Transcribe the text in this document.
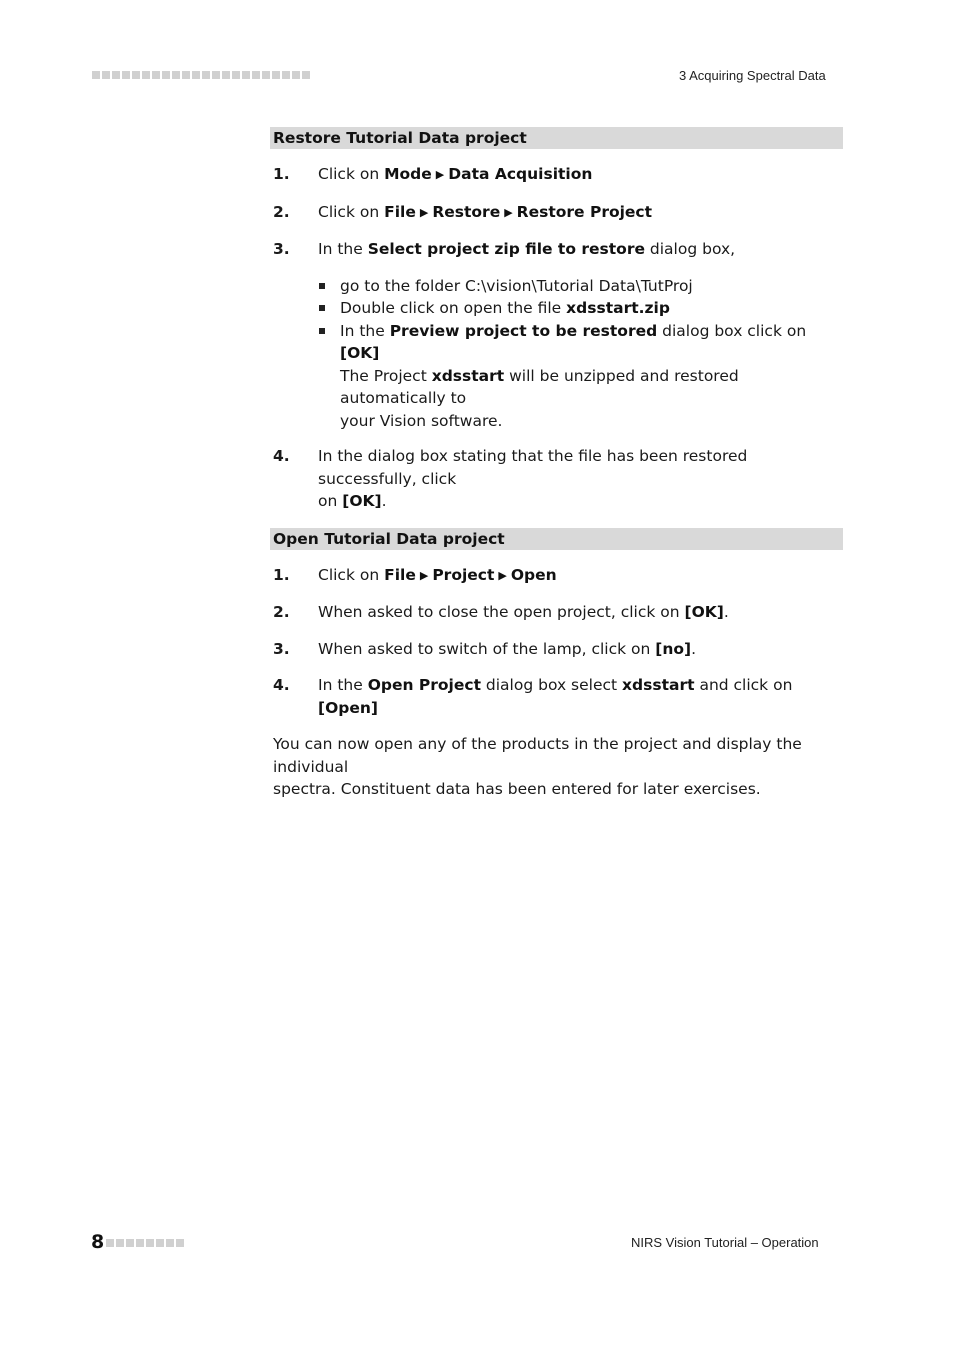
3 Acquiring Spectral Data
Restore Tutorial Data project
1. Click on Mode ▶ Data Acquisition
2. Click on File ▶ Restore ▶ Restore Project
3. In the Select project zip file to restore dialog box,
go to the folder C:\vision\Tutorial Data\TutProj
Double click on open the file xdsstart.zip
In the Preview project to be restored dialog box click on [OK]
The Project xdsstart will be unzipped and restored automatically to
your Vision software.
4. In the dialog box stating that the file has been restored successfully, click
on [OK].
Open Tutorial Data project
1. Click on File ▶ Project ▶ Open
2. When asked to close the open project, click on [OK].
3. When asked to switch of the lamp, click on [no].
4. In the Open Project dialog box select xdsstart and click on [Open]
You can now open any of the products in the project and display the individual
spectra. Constituent data has been entered for later exercises.
8	NIRS Vision Tutorial – Operation
